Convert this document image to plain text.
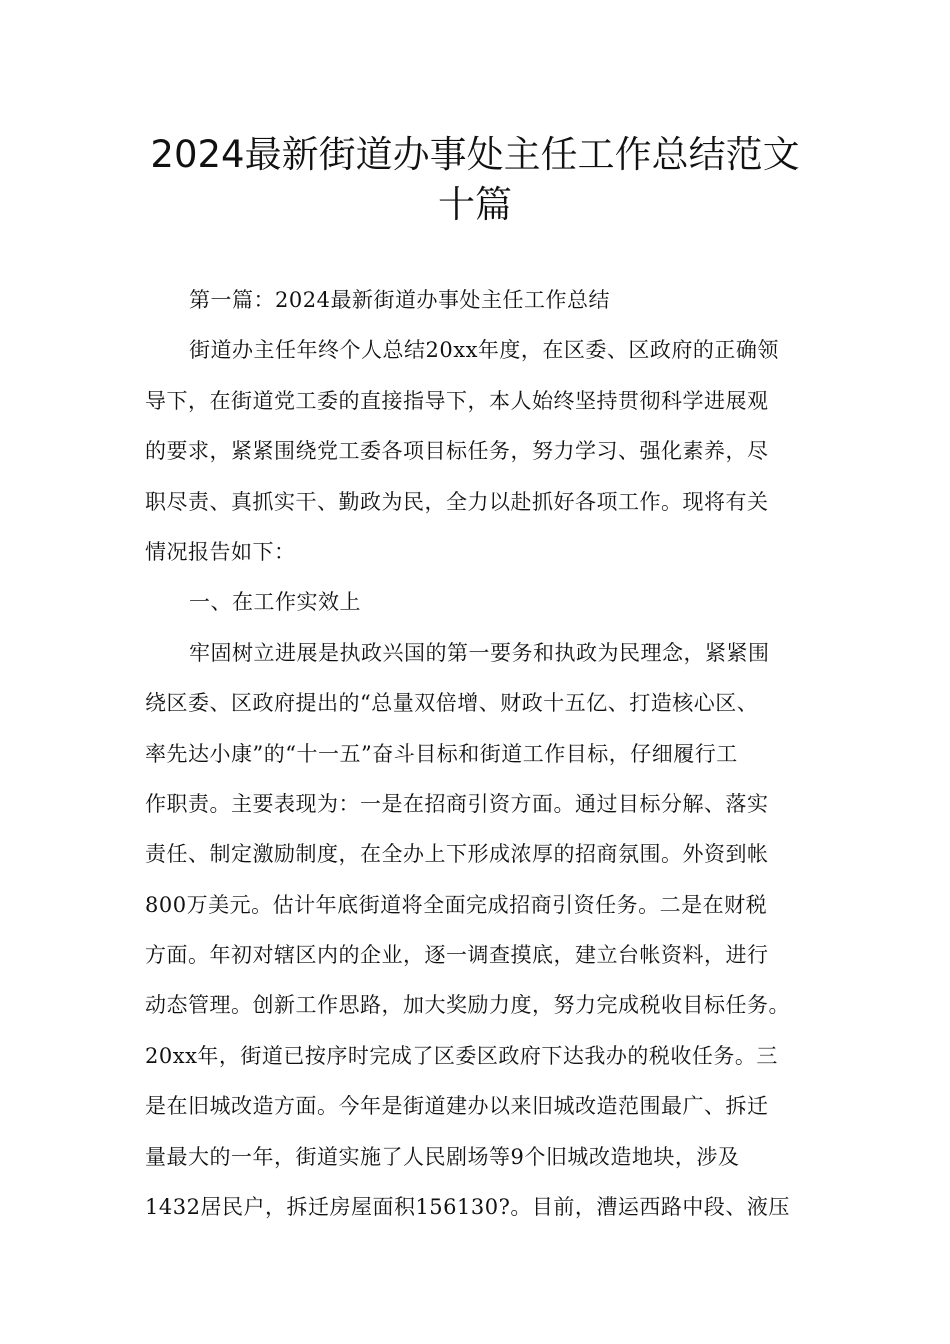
2024最新街道办事处主任工作总结范文
十篇
第一篇：2024最新街道办事处主任工作总结
街道办主任年终个人总结20xx年度，在区委、区政府的正确领
导下，在街道党工委的直接指导下，本人始终坚持贯彻科学进展观
的要求，紧紧围绕党工委各项目标任务，努力学习、强化素养，尽
职尽责、真抓实干、勤政为民，全力以赴抓好各项工作。现将有关
情况报告如下：
一、在工作实效上
牢固树立进展是执政兴国的第一要务和执政为民理念，紧紧围
绕区委、区政府提出的“总量双倍增、财政十五亿、打造核心区、
率先达小康”的“十一五”奋斗目标和街道工作目标，仔细履行工
作职责。主要表现为：一是在招商引资方面。通过目标分解、落实
责任、制定激励制度，在全办上下形成浓厚的招商氛围。外资到帐
800万美元。估计年底街道将全面完成招商引资任务。二是在财税
方面。年初对辖区内的企业，逐一调查摸底，建立台帐资料，进行
动态管理。创新工作思路，加大奖励力度，努力完成税收目标任务。
20xx年，街道已按序时完成了区委区政府下达我办的税收任务。三
是在旧城改造方面。今年是街道建办以来旧城改造范围最广、拆迁
量最大的一年，街道实施了人民剧场等9个旧城改造地块，涉及
1432居民户，拆迁房屋面积156130?。目前，漕运西路中段、液压
